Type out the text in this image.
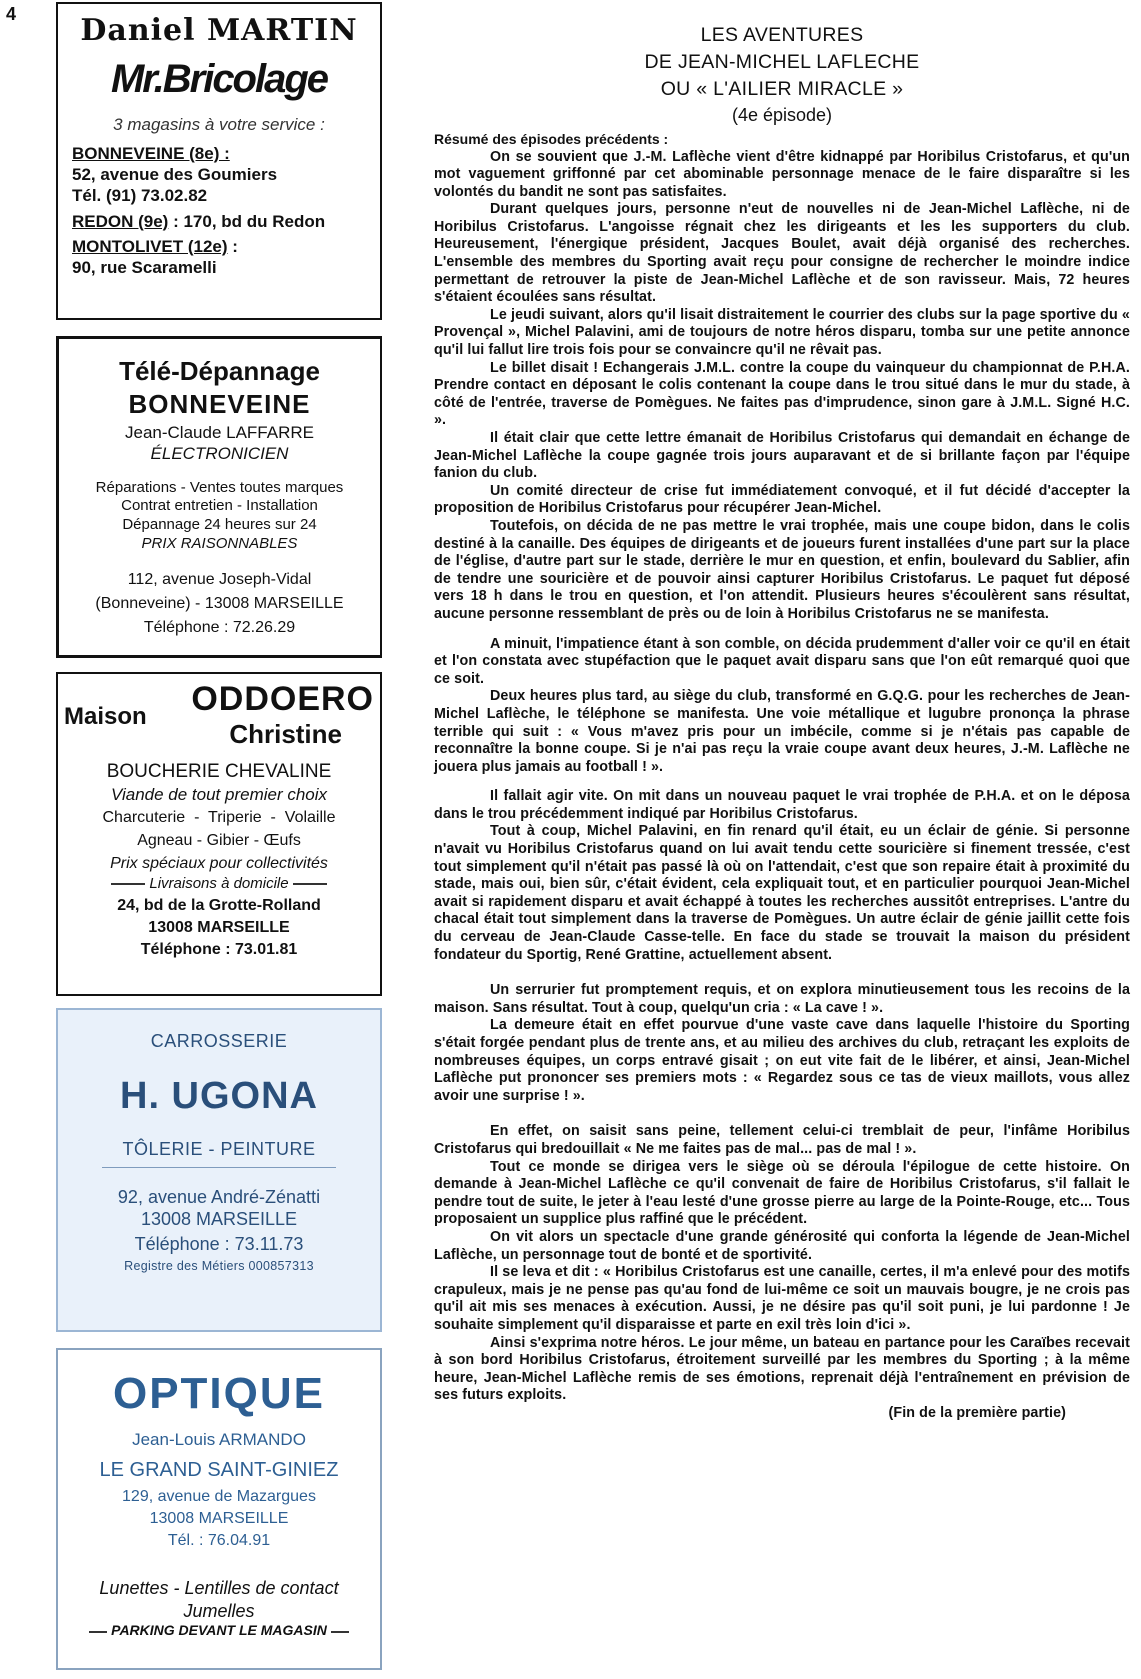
4	Daniel MARTIN
Mr.Bricolage
3 magasins à votre service :
BONNEVEINE (8e) :
52, avenue des Goumiers
Tél. (91) 73.02.82
REDON (9e) : 170, bd du Redon
MONTOLIVET (12e) :
90, rue Scaramelli
Télé-Dépannage
BONNEVEINE
Jean-Claude LAFFARRE
ÉLECTRONICIEN
Réparations - Ventes toutes marques
Contrat entretien - Installation
Dépannage 24 heures sur 24
PRIX RAISONNABLES
112, avenue Joseph-Vidal
(Bonneveine) - 13008 MARSEILLE
Téléphone : 72.26.29
Maison ODDOERO
Christine
BOUCHERIE CHEVALINE
Viande de tout premier choix
Charcuterie  -  Triperie  -  Volaille
Agneau - Gibier - Œufs
Prix spéciaux pour collectivités
Livraisons à domicile
24, bd de la Grotte-Rolland
13008 MARSEILLE
Téléphone : 73.01.81
CARROSSERIE
H. UGONA
TÔLERIE - PEINTURE
92, avenue André-Zénatti
13008 MARSEILLE
Téléphone : 73.11.73
Registre des Métiers 000857313
OPTIQUE
Jean-Louis ARMANDO
LE GRAND SAINT-GINIEZ
129, avenue de Mazargues
13008 MARSEILLE
Tél. : 76.04.91
Lunettes - Lentilles de contact
Jumelles
PARKING DEVANT LE MAGASIN
LES AVENTURES
DE JEAN-MICHEL LAFLECHE
OU « L'AILIER MIRACLE »
(4e épisode)
Résumé des épisodes précédents :

On se souvient que J.-M. Laflèche vient d'être kidnappé par Horibilus Cristofarus, et qu'un mot vaguement griffonné par cet abominable personnage menace de le faire disparaître si les volontés du bandit ne sont pas satisfaites.

Durant quelques jours, personne n'eut de nouvelles ni de Jean-Michel Laflèche, ni de Horibilus Cristofarus. L'angoisse régnait chez les dirigeants et les les supporters du club. Heureusement, l'énergique président, Jacques Boulet, avait déjà organisé des recherches. L'ensemble des membres du Sporting avait reçu pour consigne de rechercher le moindre indice permettant de retrouver la piste de Jean-Michel Laflèche et de son ravisseur. Mais, 72 heures s'étaient écoulées sans résultat.

Le jeudi suivant, alors qu'il lisait distraitement le courrier des clubs sur la page sportive du « Provençal », Michel Palavini, ami de toujours de notre héros disparu, tomba sur une petite annonce qu'il lui fallut lire trois fois pour se convaincre qu'il ne rêvait pas.

Le billet disait ! Echangerais J.M.L. contre la coupe du vainqueur du championnat de P.H.A. Prendre contact en déposant le colis contenant la coupe dans le trou situé dans le mur du stade, à côté de l'entrée, traverse de Pomègues. Ne faites pas d'imprudence, sinon gare à J.M.L. Signé H.C. ».

Il était clair que cette lettre émanait de Horibilus Cristofarus qui demandait en échange de Jean-Michel Laflèche la coupe gagnée trois jours auparavant et de si brillante façon par l'équipe fanion du club.

Un comité directeur de crise fut immédiatement convoqué, et il fut décidé d'accepter la proposition de Horibilus Cristofarus pour récupérer Jean-Michel.

Toutefois, on décida de ne pas mettre le vrai trophée, mais une coupe bidon, dans le colis destiné à la canaille. Des équipes de dirigeants et de joueurs furent installées d'une part sur la place de l'église, d'autre part sur le stade, derrière le mur en question, et enfin, boulevard du Sablier, afin de tendre une souricière et de pouvoir ainsi capturer Horibilus Cristofarus. Le paquet fut déposé vers 18 h dans le trou en question, et l'on attendit. Plusieurs heures s'écoulèrent sans résultat, aucune personne ressemblant de près ou de loin à Horibilus Cristofarus ne se manifesta.

A minuit, l'impatience étant à son comble, on décida prudemment d'aller voir ce qu'il en était et l'on constata avec stupéfaction que le paquet avait disparu sans que l'on eût remarqué quoi que ce soit.

Deux heures plus tard, au siège du club, transformé en G.Q.G. pour les recherches de Jean-Michel Laflèche, le téléphone se manifesta. Une voie métallique et lugubre prononça la phrase terrible qui suit : « Vous m'avez pris pour un imbécile, comme si je n'étais pas capable de reconnaître la bonne coupe. Si je n'ai pas reçu la vraie coupe avant deux heures, J.-M. Laflèche ne jouera plus jamais au football ! ».

Il fallait agir vite. On mit dans un nouveau paquet le vrai trophée de P.H.A. et on le déposa dans le trou précédemment indiqué par Horibilus Cristofarus.

Tout à coup, Michel Palavini, en fin renard qu'il était, eu un éclair de génie. Si personne n'avait vu Horibilus Cristofarus quand on lui avait tendu cette souricière si finement tressée, c'est tout simplement qu'il n'était pas passé là où on l'attendait, c'est que son repaire était à proximité du stade, mais oui, bien sûr, c'était évident, cela expliquait tout, et en particulier pourquoi Jean-Michel avait si rapidement disparu et avait échappé à toutes les recherches aussitôt entreprises. L'antre du chacal était tout simplement dans la traverse de Pomègues. Un autre éclair de génie jaillit cette fois du cerveau de Jean-Claude Casse-telle. En face du stade se trouvait la maison du président fondateur du Sportig, René Grattine, actuellement absent.

Un serrurier fut promptement requis, et on explora minutieusement tous les recoins de la maison. Sans résultat. Tout à coup, quelqu'un cria : « La cave ! ».

La demeure était en effet pourvue d'une vaste cave dans laquelle l'histoire du Sporting s'était forgée pendant plus de trente ans, et au milieu des archives du club, retraçant les exploits de nombreuses équipes, un corps entravé gisait ; on eut vite fait de le libérer, et ainsi, Jean-Michel Laflèche put prononcer ses premiers mots : « Regardez sous ce tas de vieux maillots, vous allez avoir une surprise ! ».

En effet, on saisit sans peine, tellement celui-ci tremblait de peur, l'infâme Horibilus Cristofarus qui bredouillait « Ne me faites pas de mal... pas de mal ! ».

Tout ce monde se dirigea vers le siège où se déroula l'épilogue de cette histoire. On demande à Jean-Michel Laflèche ce qu'il convenait de faire de Horibilus Cristofarus, s'il fallait le pendre tout de suite, le jeter à l'eau lesté d'une grosse pierre au large de la Pointe-Rouge, etc... Tous proposaient un supplice plus raffiné que le précédent.

On vit alors un spectacle d'une grande générosité qui conforta la légende de Jean-Michel Laflèche, un personnage tout de bonté et de sportivité.

Il se leva et dit : « Horibilus Cristofarus est une canaille, certes, il m'a enlevé pour des motifs crapuleux, mais je ne pense pas qu'au fond de lui-même ce soit un mauvais bougre, je ne crois pas qu'il ait mis ses menaces à exécution. Aussi, je ne désire pas qu'il soit puni, je lui pardonne ! Je souhaite simplement qu'il disparaisse et parte en exil très loin d'ici ».

Ainsi s'exprima notre héros. Le jour même, un bateau en partance pour les Caraïbes recevait à son bord Horibilus Cristofarus, étroitement surveillé par les membres du Sporting ; à la même heure, Jean-Michel Laflèche remis de ses émotions, reprenait déjà l'entraînement en prévision de ses futurs exploits.

(Fin de la première partie)
